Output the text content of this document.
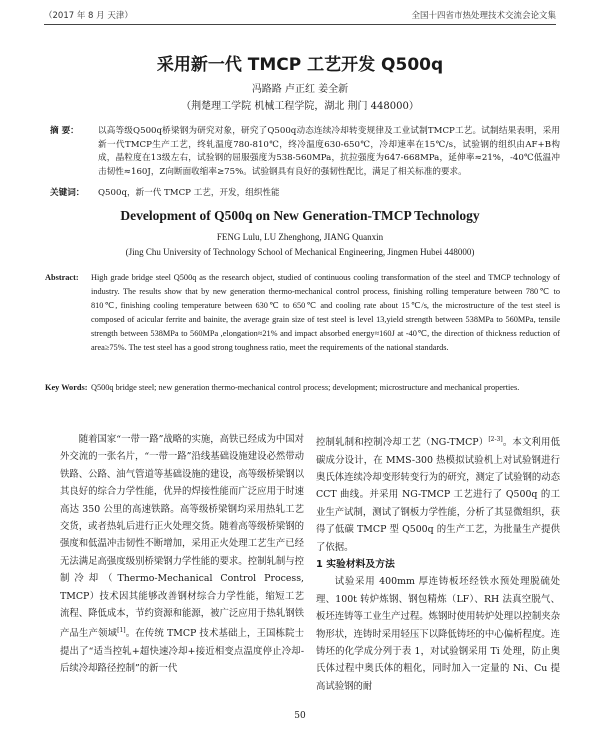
（2017 年 8 月 天津）	全国十四省市热处理技术交流会论文集
采用新一代 TMCP 工艺开发 Q500q
冯路路 卢正红 姜全新
（荆楚理工学院 机械工程学院，湖北 荆门 448000）
摘 要： 以高等级Q500q桥梁钢为研究对象，研究了Q500q动态连续冷却转变规律及工业试制TMCP工艺。试制结果表明，采用新一代TMCP生产工艺，终轧温度780-810℃，终冷温度630-650℃，冷却速率在15℃/s，试验钢的组织由AF+B构成，晶粒度在13级左右，试验钢的屈服强度为538-560MPa，抗拉强度为647-668MPa，延伸率≈21%，-40℃低温冲击韧性≈160J，Z向断面收缩率≥75%。试验钢具有良好的强韧性配比，满足了相关标准的要求。
关键词： Q500q，新一代 TMCP 工艺，开发，组织性能
Development of Q500q on New Generation-TMCP Technology
FENG Lulu, LU Zhenghong, JIANG Quanxin
(Jing Chu University of Technology School of Mechanical Engineering, Jingmen Hubei 448000)
Abstract: High grade bridge steel Q500q as the research object, studied of continuous cooling transformation of the steel and TMCP technology of industry. The results show that by new generation thermo-mechanical control process, finishing rolling temperature between 780℃ to 810℃, finishing cooling temperature between 630℃ to 650℃ and cooling rate about 15℃/s, the microstructure of the test steel is composed of acicular ferrite and bainite, the average grain size of test steel is level 13,yield strength between 538MPa to 560MPa, tensile strength between 538MPa to 560MPa ,elongation≈21% and impact absorbed energy≈160J at -40℃, the direction of thickness reduction of area≥75%. The test steel has a good strong toughness ratio, meet the requirements of the national standards.
Key Words: Q500q bridge steel; new generation thermo-mechanical control process; development; microstructure and mechanical properties.

随着国家“一带一路”战略的实施，高铁已经成为中国对外交流的一张名片，“一带一路”沿线基础设施建设必然带动铁路、公路、油气管道等基础设施的建设，高等级桥梁钢以其良好的综合力学性能，优异的焊接性能而广泛应用于时速高达 350 公里的高速铁路。高等级桥梁钢均采用热轧工艺交货，或者热轧后进行正火处理交货。随着高等级桥梁钢的强度和低温冲击韧性不断增加，采用正火处理工艺生产已经无法满足高强度级别桥梁钢力学性能的要求。控制轧制与控制冷却（Thermo-Mechanical Control Process, TMCP）技术因其能够改善钢材综合力学性能，缩短工艺流程、降低成本，节约资源和能源，被广泛应用于热轧钢铁产品生产领域[1]。在传统 TMCP 技术基础上，王国栋院士提出了“适当控轧+超快速冷却+接近相变点温度停止冷却-后续冷却路径控制”的新一代

控制轧制和控制冷却工艺（NG-TMCP）[2-3]。本文利用低碳成分设计，在 MMS-300 热模拟试验机上对试验钢进行奥氏体连续冷却变形转变行为的研究，测定了试验钢的动态 CCT 曲线。并采用 NG-TMCP 工艺进行了 Q500q 的工业生产试制，测试了钢板力学性能，分析了其显微组织，获得了低碳 TMCP 型 Q500q 的生产工艺，为批量生产提供了依据。

1 实验材料及方法

试验采用 400mm 厚连铸板坯经铁水预处理脱硫处理、100t 转炉炼钢、钢包精炼（LF）、RH 法真空脱气、板坯连铸等工业生产过程。炼钢时使用转炉处理以控制夹杂物形状，连铸时采用轻压下以降低铸坯的中心偏析程度。连铸坯的化学成分列于表 1，对试验钢采用 Ti 处理，防止奥氏体过程中奥氏体的粗化，同时加入一定量的 Ni、Cu 提高试验钢的耐

50
